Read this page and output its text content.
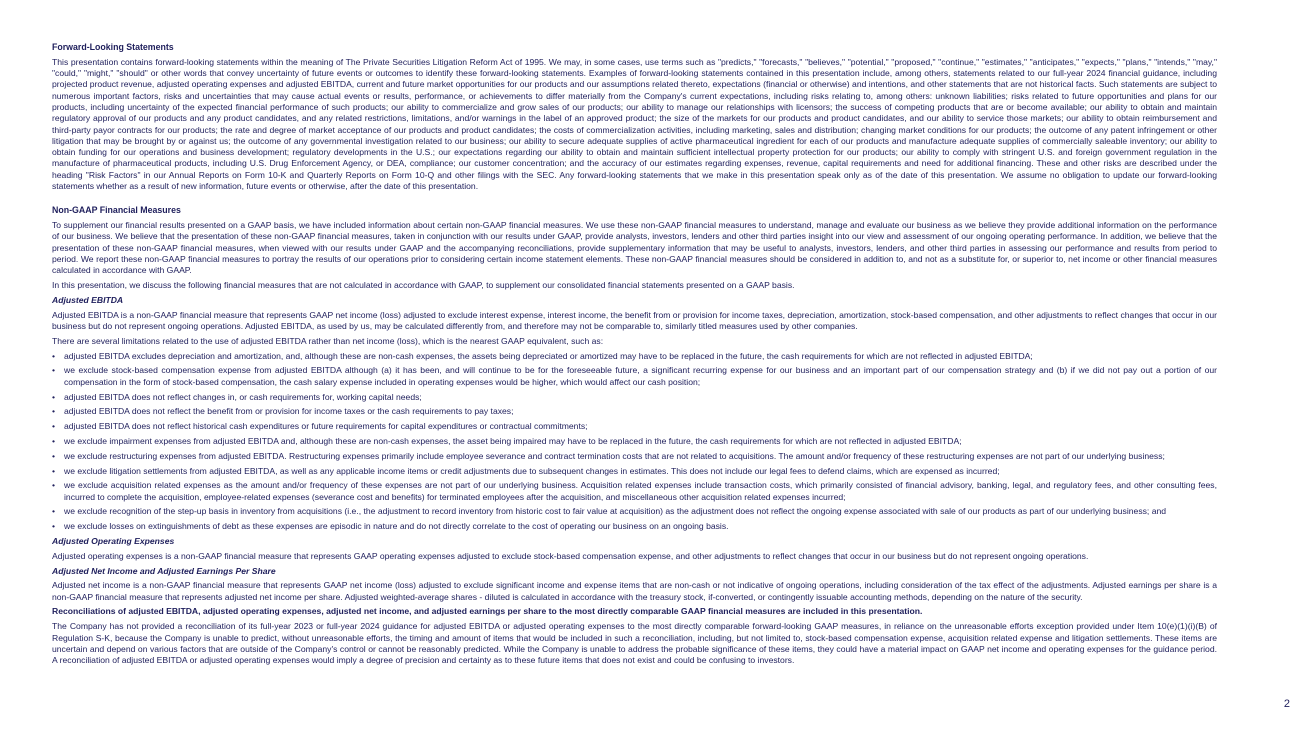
Forward-Looking Statements

This presentation contains forward-looking statements within the meaning of The Private Securities Litigation Reform Act of 1995. We may, in some cases, use terms such as "predicts," "forecasts," "believes," "potential," "proposed," "continue," "estimates," "anticipates," "expects," "plans," "intends," "may," "could," "might," "should" or other words that convey uncertainty of future events or outcomes to identify these forward-looking statements. Examples of forward-looking statements contained in this presentation include, among others, statements related to our full-year 2024 financial guidance, including projected product revenue, adjusted operating expenses and adjusted EBITDA, current and future market opportunities for our products and our assumptions related thereto, expectations (financial or otherwise) and intentions, and other statements that are not historical facts. Such statements are subject to numerous important factors, risks and uncertainties that may cause actual events or results, performance, or achievements to differ materially from the Company's current expectations, including risks relating to, among others: unknown liabilities; risks related to future opportunities and plans for our products, including uncertainty of the expected financial performance of such products; our ability to commercialize and grow sales of our products; our ability to manage our relationships with licensors; the success of competing products that are or become available; our ability to obtain and maintain regulatory approval of our products and any product candidates, and any related restrictions, limitations, and/or warnings in the label of an approved product; the size of the markets for our products and product candidates, and our ability to service those markets; our ability to obtain reimbursement and third-party payor contracts for our products; the rate and degree of market acceptance of our products and product candidates; the costs of commercialization activities, including marketing, sales and distribution; changing market conditions for our products; the outcome of any patent infringement or other litigation that may be brought by or against us; the outcome of any governmental investigation related to our business; our ability to secure adequate supplies of active pharmaceutical ingredient for each of our products and manufacture adequate supplies of commercially saleable inventory; our ability to obtain funding for our operations and business development; regulatory developments in the U.S.; our expectations regarding our ability to obtain and maintain sufficient intellectual property protection for our products; our ability to comply with stringent U.S. and foreign government regulation in the manufacture of pharmaceutical products, including U.S. Drug Enforcement Agency, or DEA, compliance; our customer concentration; and the accuracy of our estimates regarding expenses, revenue, capital requirements and need for additional financing. These and other risks are described under the heading "Risk Factors" in our Annual Reports on Form 10-K and Quarterly Reports on Form 10-Q and other filings with the SEC. Any forward-looking statements that we make in this presentation speak only as of the date of this presentation. We assume no obligation to update our forward-looking statements whether as a result of new information, future events or otherwise, after the date of this presentation.

Non-GAAP Financial Measures

To supplement our financial results presented on a GAAP basis, we have included information about certain non-GAAP financial measures. We use these non-GAAP financial measures to understand, manage and evaluate our business as we believe they provide additional information on the performance of our business. We believe that the presentation of these non-GAAP financial measures, taken in conjunction with our results under GAAP, provide analysts, investors, lenders and other third parties insight into our view and assessment of our ongoing operating performance. In addition, we believe that the presentation of these non-GAAP financial measures, when viewed with our results under GAAP and the accompanying reconciliations, provide supplementary information that may be useful to analysts, investors, lenders, and other third parties in assessing our performance and results from period to period. We report these non-GAAP financial measures to portray the results of our operations prior to considering certain income statement elements. These non-GAAP financial measures should be considered in addition to, and not as a substitute for, or superior to, net income or other financial measures calculated in accordance with GAAP.

In this presentation, we discuss the following financial measures that are not calculated in accordance with GAAP, to supplement our consolidated financial statements presented on a GAAP basis.

Adjusted EBITDA

Adjusted EBITDA is a non-GAAP financial measure that represents GAAP net income (loss) adjusted to exclude interest expense, interest income, the benefit from or provision for income taxes, depreciation, amortization, stock-based compensation, and other adjustments to reflect changes that occur in our business but do not represent ongoing operations. Adjusted EBITDA, as used by us, may be calculated differently from, and therefore may not be comparable to, similarly titled measures used by other companies.

There are several limitations related to the use of adjusted EBITDA rather than net income (loss), which is the nearest GAAP equivalent, such as:

• adjusted EBITDA excludes depreciation and amortization, and, although these are non-cash expenses, the assets being depreciated or amortized may have to be replaced in the future, the cash requirements for which are not reflected in adjusted EBITDA;
• we exclude stock-based compensation expense from adjusted EBITDA although (a) it has been, and will continue to be for the foreseeable future, a significant recurring expense for our business and an important part of our compensation strategy and (b) if we did not pay out a portion of our compensation in the form of stock-based compensation, the cash salary expense included in operating expenses would be higher, which would affect our cash position;
• adjusted EBITDA does not reflect changes in, or cash requirements for, working capital needs;
• adjusted EBITDA does not reflect the benefit from or provision for income taxes or the cash requirements to pay taxes;
• adjusted EBITDA does not reflect historical cash expenditures or future requirements for capital expenditures or contractual commitments;
• we exclude impairment expenses from adjusted EBITDA and, although these are non-cash expenses, the asset being impaired may have to be replaced in the future, the cash requirements for which are not reflected in adjusted EBITDA;
• we exclude restructuring expenses from adjusted EBITDA. Restructuring expenses primarily include employee severance and contract termination costs that are not related to acquisitions. The amount and/or frequency of these restructuring expenses are not part of our underlying business;
• we exclude litigation settlements from adjusted EBITDA, as well as any applicable income items or credit adjustments due to subsequent changes in estimates. This does not include our legal fees to defend claims, which are expensed as incurred;
• we exclude acquisition related expenses as the amount and/or frequency of these expenses are not part of our underlying business. Acquisition related expenses include transaction costs, which primarily consisted of financial advisory, banking, legal, and regulatory fees, and other consulting fees, incurred to complete the acquisition, employee-related expenses (severance cost and benefits) for terminated employees after the acquisition, and miscellaneous other acquisition related expenses incurred;
• we exclude recognition of the step-up basis in inventory from acquisitions (i.e., the adjustment to record inventory from historic cost to fair value at acquisition) as the adjustment does not reflect the ongoing expense associated with sale of our products as part of our underlying business; and
• we exclude losses on extinguishments of debt as these expenses are episodic in nature and do not directly correlate to the cost of operating our business on an ongoing basis.

Adjusted Operating Expenses

Adjusted operating expenses is a non-GAAP financial measure that represents GAAP operating expenses adjusted to exclude stock-based compensation expense, and other adjustments to reflect changes that occur in our business but do not represent ongoing operations.

Adjusted Net Income and Adjusted Earnings Per Share

Adjusted net income is a non-GAAP financial measure that represents GAAP net income (loss) adjusted to exclude significant income and expense items that are non-cash or not indicative of ongoing operations, including consideration of the tax effect of the adjustments. Adjusted earnings per share is a non-GAAP financial measure that represents adjusted net income per share. Adjusted weighted-average shares - diluted is calculated in accordance with the treasury stock, if-converted, or contingently issuable accounting methods, depending on the nature of the security.

Reconciliations of adjusted EBITDA, adjusted operating expenses, adjusted net income, and adjusted earnings per share to the most directly comparable GAAP financial measures are included in this presentation.

The Company has not provided a reconciliation of its full-year 2023 or full-year 2024 guidance for adjusted EBITDA or adjusted operating expenses to the most directly comparable forward-looking GAAP measures, in reliance on the unreasonable efforts exception provided under Item 10(e)(1)(i)(B) of Regulation S-K, because the Company is unable to predict, without unreasonable efforts, the timing and amount of items that would be included in such a reconciliation, including, but not limited to, stock-based compensation expense, acquisition related expense and litigation settlements. These items are uncertain and depend on various factors that are outside of the Company's control or cannot be reasonably predicted. While the Company is unable to address the probable significance of these items, they could have a material impact on GAAP net income and operating expenses for the guidance period. A reconciliation of adjusted EBITDA or adjusted operating expenses would imply a degree of precision and certainty as to these future items that does not exist and could be confusing to investors.

2
